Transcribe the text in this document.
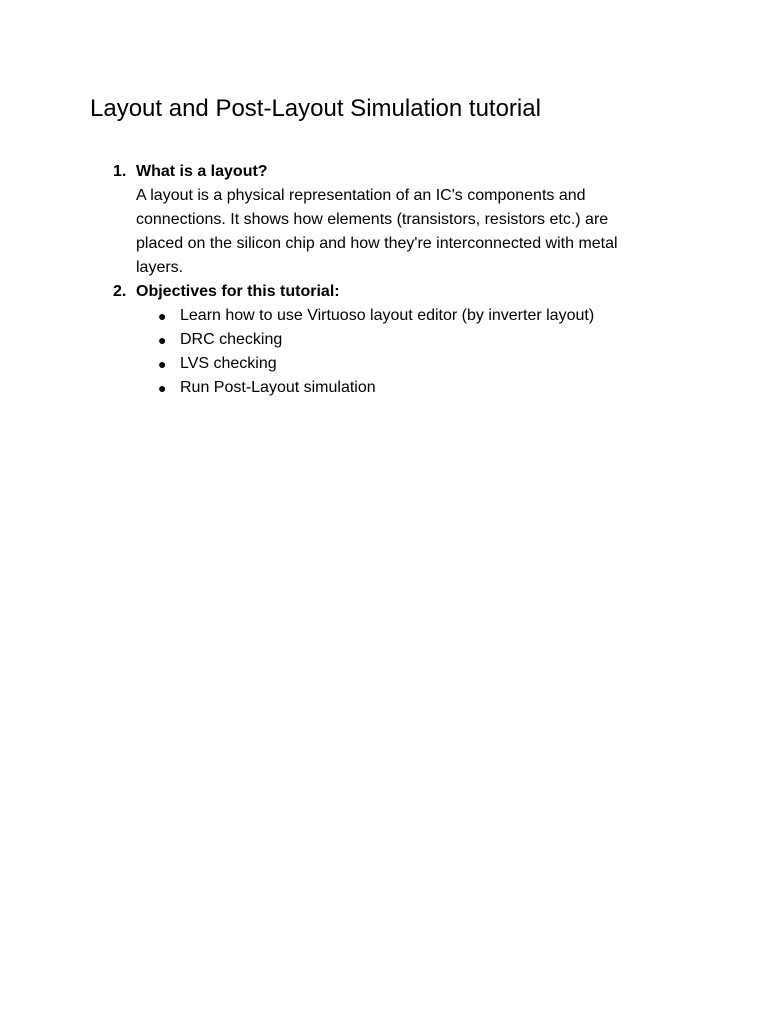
Layout and Post-Layout Simulation tutorial
1. What is a layout?
A layout is a physical representation of an IC's components and
connections. It shows how elements (transistors, resistors etc.) are
placed on the silicon chip and how they're interconnected with metal
layers.
2. Objectives for this tutorial:
● Learn how to use Virtuoso layout editor (by inverter layout)
● DRC checking
● LVS checking
● Run Post-Layout simulation
